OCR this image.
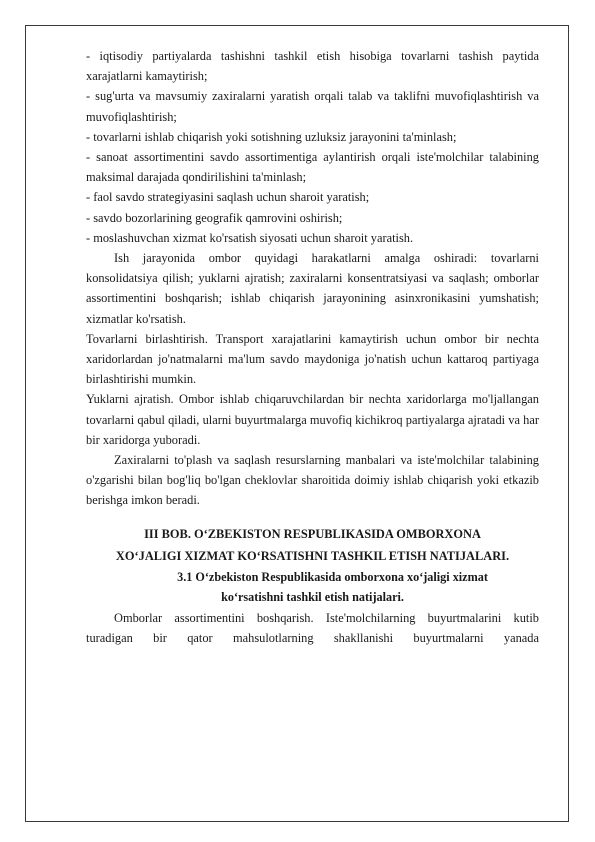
- iqtisodiy partiyalarda tashishni tashkil etish hisobiga tovarlarni tashish paytida xarajatlarni kamaytirish;

- sug'urta va mavsumiy zaxiralarni yaratish orqali talab va taklifni muvofiqlashtirish va muvofiqlashtirish;

- tovarlarni ishlab chiqarish yoki sotishning uzluksiz jarayonini ta'minlash;

- sanoat assortimentini savdo assortimentiga aylantirish orqali iste'molchilar talabining maksimal darajada qondirilishini ta'minlash;

- faol savdo strategiyasini saqlash uchun sharoit yaratish;

- savdo bozorlarining geografik qamrovini oshirish;

- moslashuvchan xizmat ko'rsatish siyosati uchun sharoit yaratish.

Ish jarayonida ombor quyidagi harakatlarni amalga oshiradi: tovarlarni konsolidatsiya qilish; yuklarni ajratish; zaxiralarni konsentratsiyasi va saqlash; omborlar assortimentini boshqarish; ishlab chiqarish jarayonining asinxronikasini yumshatish; xizmatlar ko'rsatish.

Tovarlarni birlashtirish. Transport xarajatlarini kamaytirish uchun ombor bir nechta xaridorlardan jo'natmalarni ma'lum savdo maydoniga jo'natish uchun kattaroq partiyaga birlashtirishi mumkin.

Yuklarni ajratish. Ombor ishlab chiqaruvchilardan bir nechta xaridorlarga mo'ljallangan tovarlarni qabul qiladi, ularni buyurtmalarga muvofiq kichikroq partiyalarga ajratadi va har bir xaridorga yuboradi.

Zaxiralarni to'plash va saqlash resurslarning manbalari va iste'molchilar talabining o'zgarishi bilan bog'liq bo'lgan cheklovlar sharoitida doimiy ishlab chiqarish yoki etkazib berishga imkon beradi.

III BOB. O‘ZBEKISTON RESPUBLIKASIDA OMBORXONA
XO‘JALIGI XIZMAT KO‘RSATISHNI TASHKIL ETISH NATIJALARI.
3.1 O‘zbekiston Respublikasida omborxona xo‘jaligi xizmat
ko‘rsatishni tashkil etish natijalari.

Omborlar assortimentini boshqarish. Iste'molchilarning buyurtmalarini kutib turadigan bir qator mahsulotlarning shakllanishi buyurtmalarni yanada
